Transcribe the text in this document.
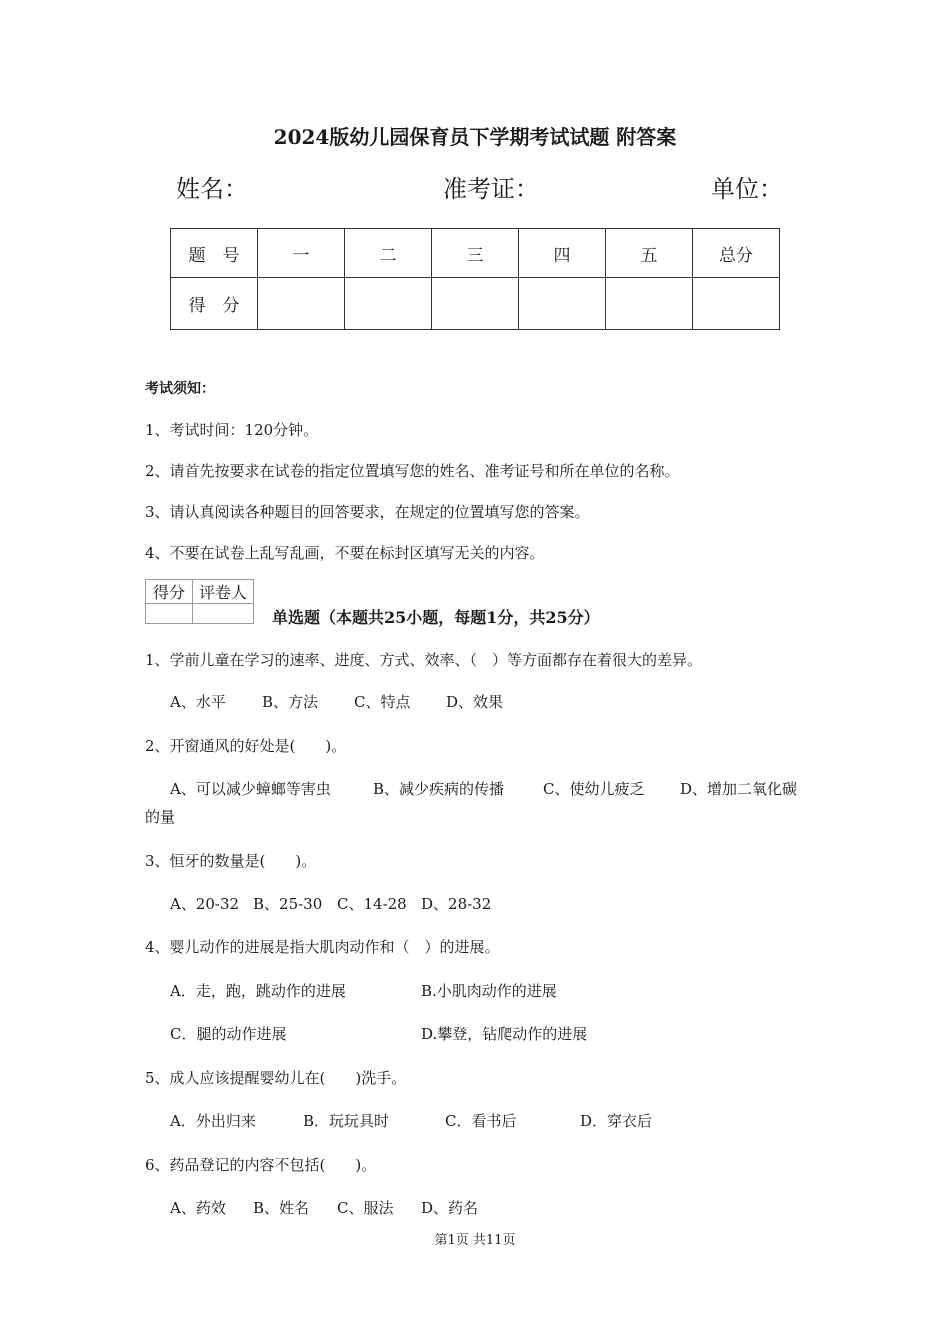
2024版幼儿园保育员下学期考试试题 附答案
姓名：	准考证：	单位：
题　号	一	二	三	四	五	总分
得　分						
考试须知：
1、考试时间：120分钟。
2、请首先按要求在试卷的指定位置填写您的姓名、准考证号和所在单位的名称。
3、请认真阅读各种题目的回答要求，在规定的位置填写您的答案。
4、不要在试卷上乱写乱画，不要在标封区填写无关的内容。
得分	评卷人

单选题（本题共25小题，每题1分，共25分）
1、学前儿童在学习的速率、进度、方式、效率、（　）等方面都存在着很大的差异。
A、水平 B、方法 C、特点 D、效果
2、开窗通风的好处是(　　)。
A、可以减少蟑螂等害虫	B、减少疾病的传播	C、使幼儿疲乏 D、增加二氧化碳
的量
3、恒牙的数量是(　　)。
A、20-32 B、25-30 C、14-28 D、28-32
4、婴儿动作的进展是指大肌肉动作和（　）的进展。
A．走，跑，跳动作的进展	B.小肌肉动作的进展
C．腿的动作进展	D.攀登，钻爬动作的进展
5、成人应该提醒婴幼儿在(　　)洗手。
A．外出归来	B．玩玩具时	C．看书后	D．穿衣后
6、药品登记的内容不包括(　　)。
A、药效 B、姓名 C、服法 D、药名
第1页 共11页
